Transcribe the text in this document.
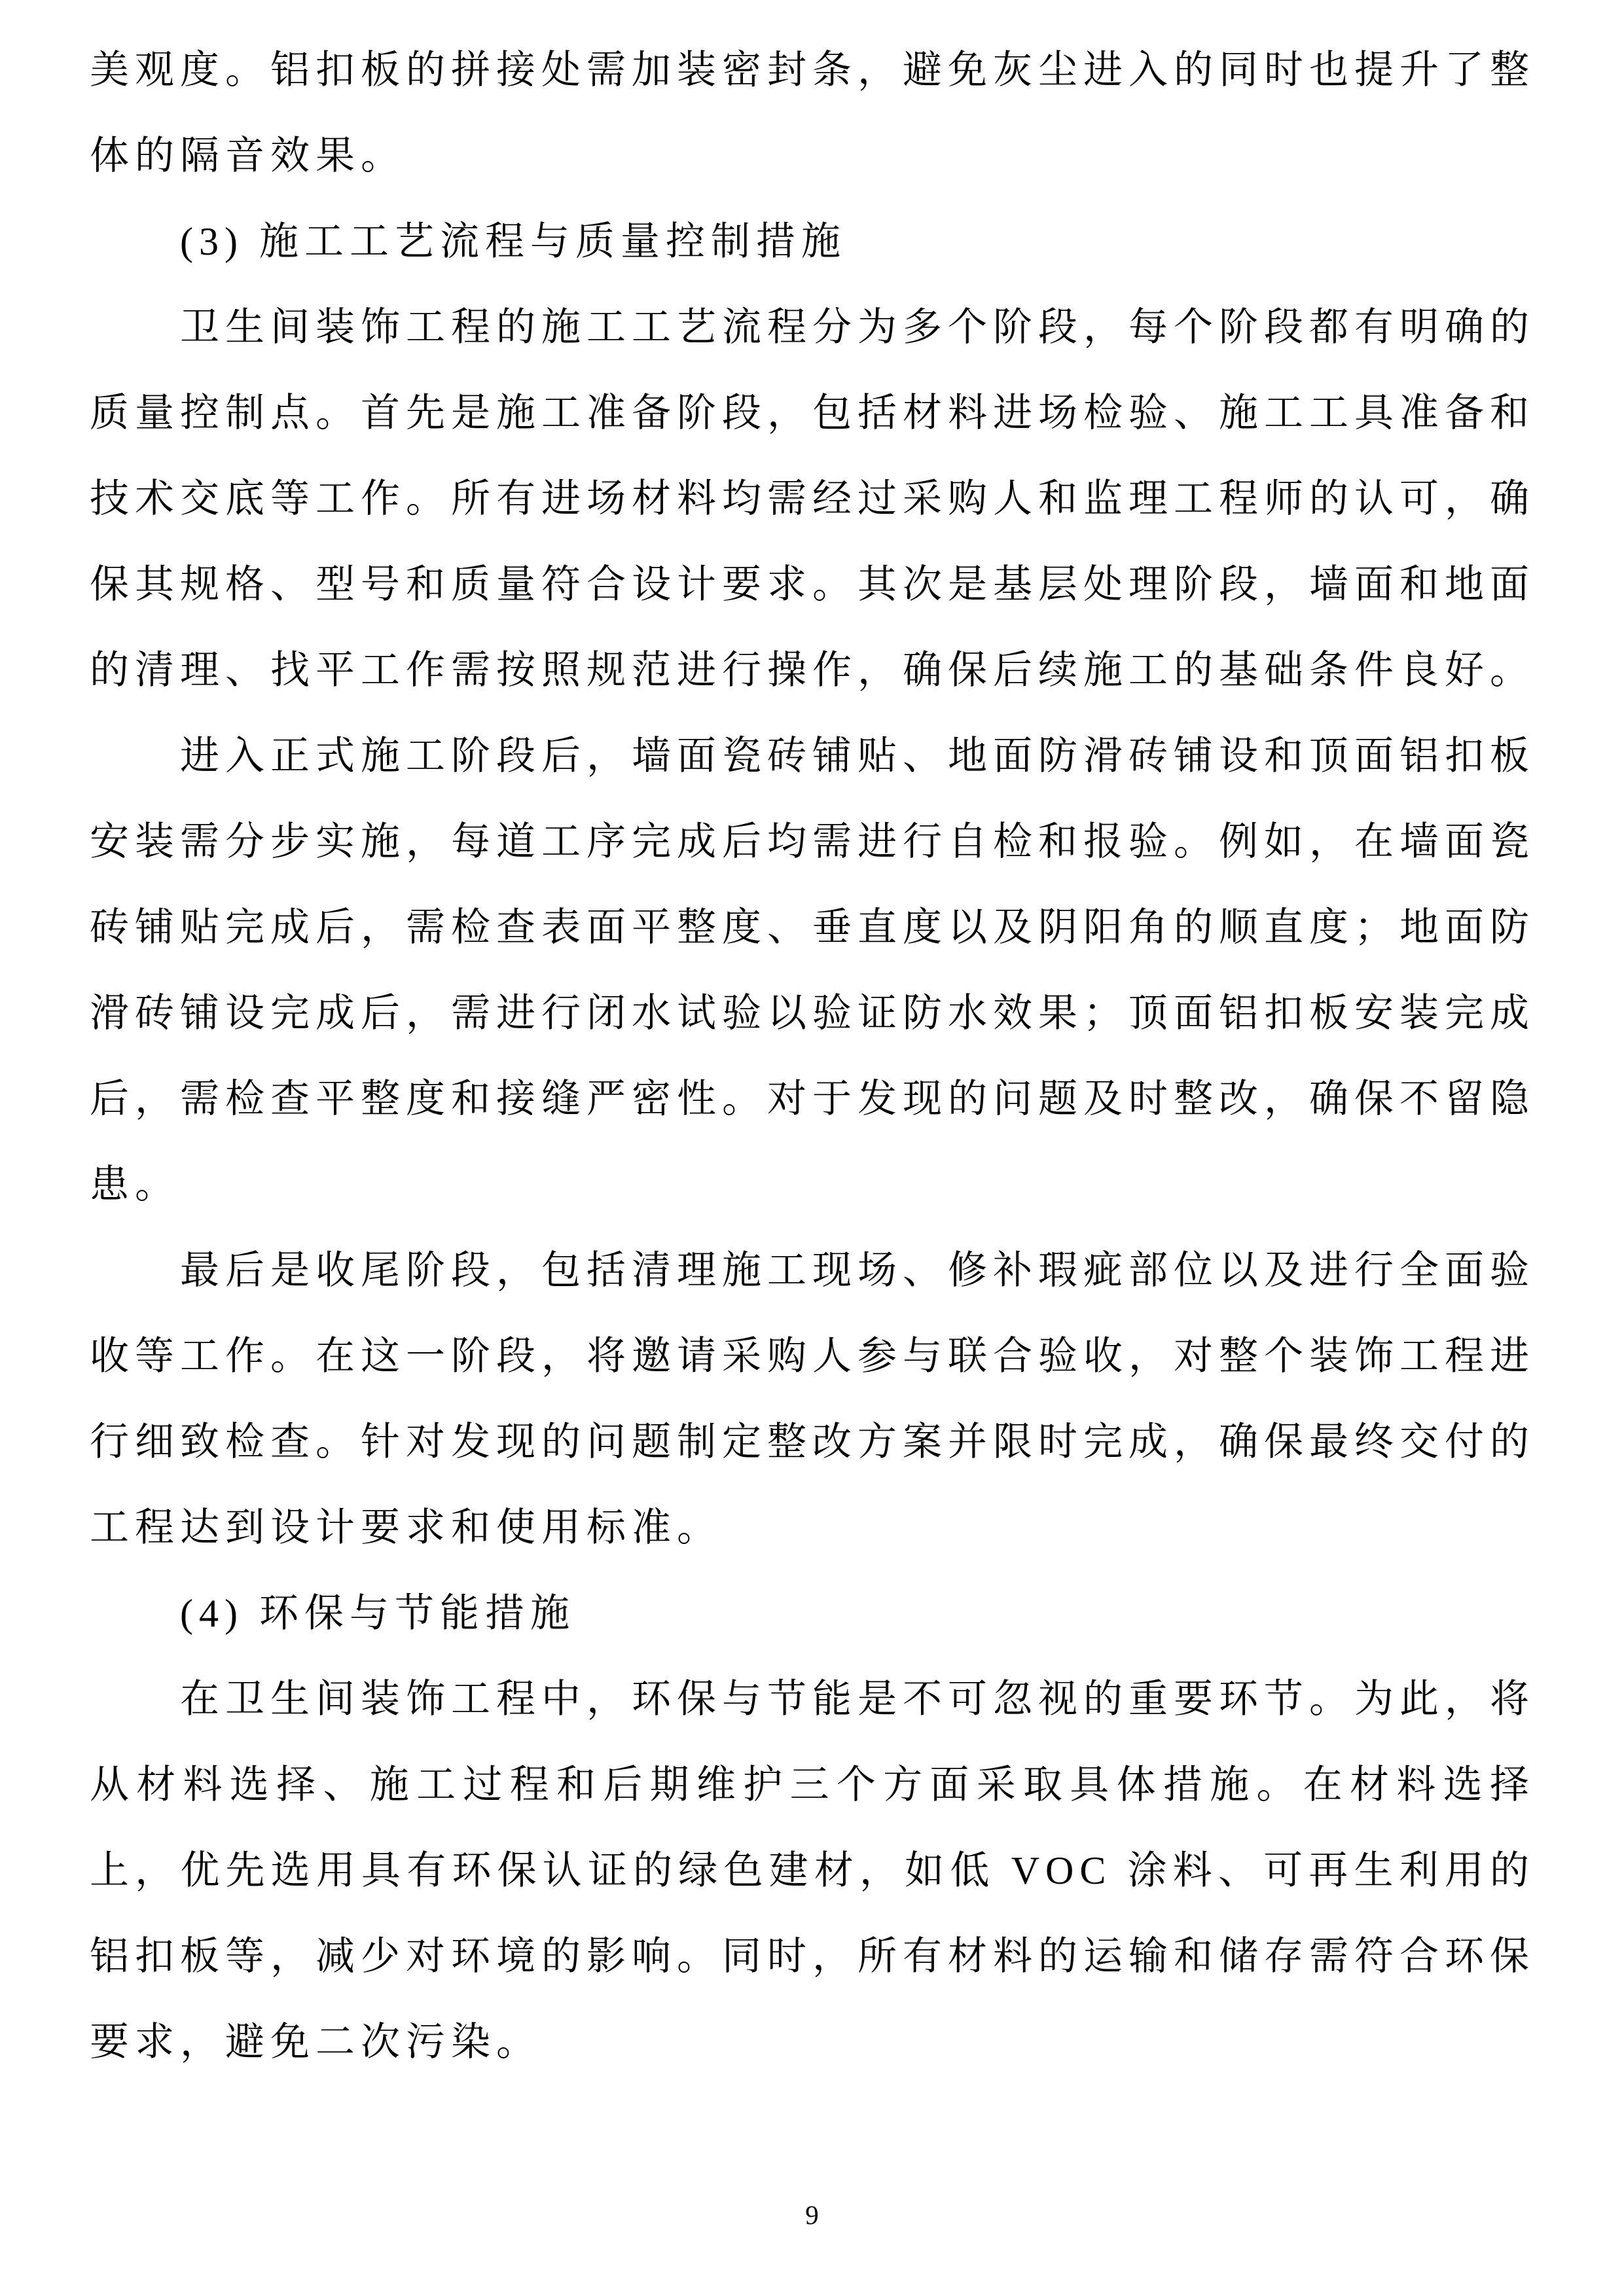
美观度。铝扣板的拼接处需加装密封条，避免灰尘进入的同时也提升了整体的隔音效果。

(3) 施工工艺流程与质量控制措施

卫生间装饰工程的施工工艺流程分为多个阶段，每个阶段都有明确的质量控制点。首先是施工准备阶段，包括材料进场检验、施工工具准备和技术交底等工作。所有进场材料均需经过采购人和监理工程师的认可，确保其规格、型号和质量符合设计要求。其次是基层处理阶段，墙面和地面的清理、找平工作需按照规范进行操作，确保后续施工的基础条件良好。

进入正式施工阶段后，墙面瓷砖铺贴、地面防滑砖铺设和顶面铝扣板安装需分步实施，每道工序完成后均需进行自检和报验。例如，在墙面瓷砖铺贴完成后，需检查表面平整度、垂直度以及阴阳角的顺直度；地面防滑砖铺设完成后，需进行闭水试验以验证防水效果；顶面铝扣板安装完成后，需检查平整度和接缝严密性。对于发现的问题及时整改，确保不留隐患。

最后是收尾阶段，包括清理施工现场、修补瑕疵部位以及进行全面验收等工作。在这一阶段，将邀请采购人参与联合验收，对整个装饰工程进行细致检查。针对发现的问题制定整改方案并限时完成，确保最终交付的工程达到设计要求和使用标准。

(4) 环保与节能措施

在卫生间装饰工程中，环保与节能是不可忽视的重要环节。为此，将从材料选择、施工过程和后期维护三个方面采取具体措施。在材料选择上，优先选用具有环保认证的绿色建材，如低 VOC 涂料、可再生利用的铝扣板等，减少对环境的影响。同时，所有材料的运输和储存需符合环保要求，避免二次污染。

9
